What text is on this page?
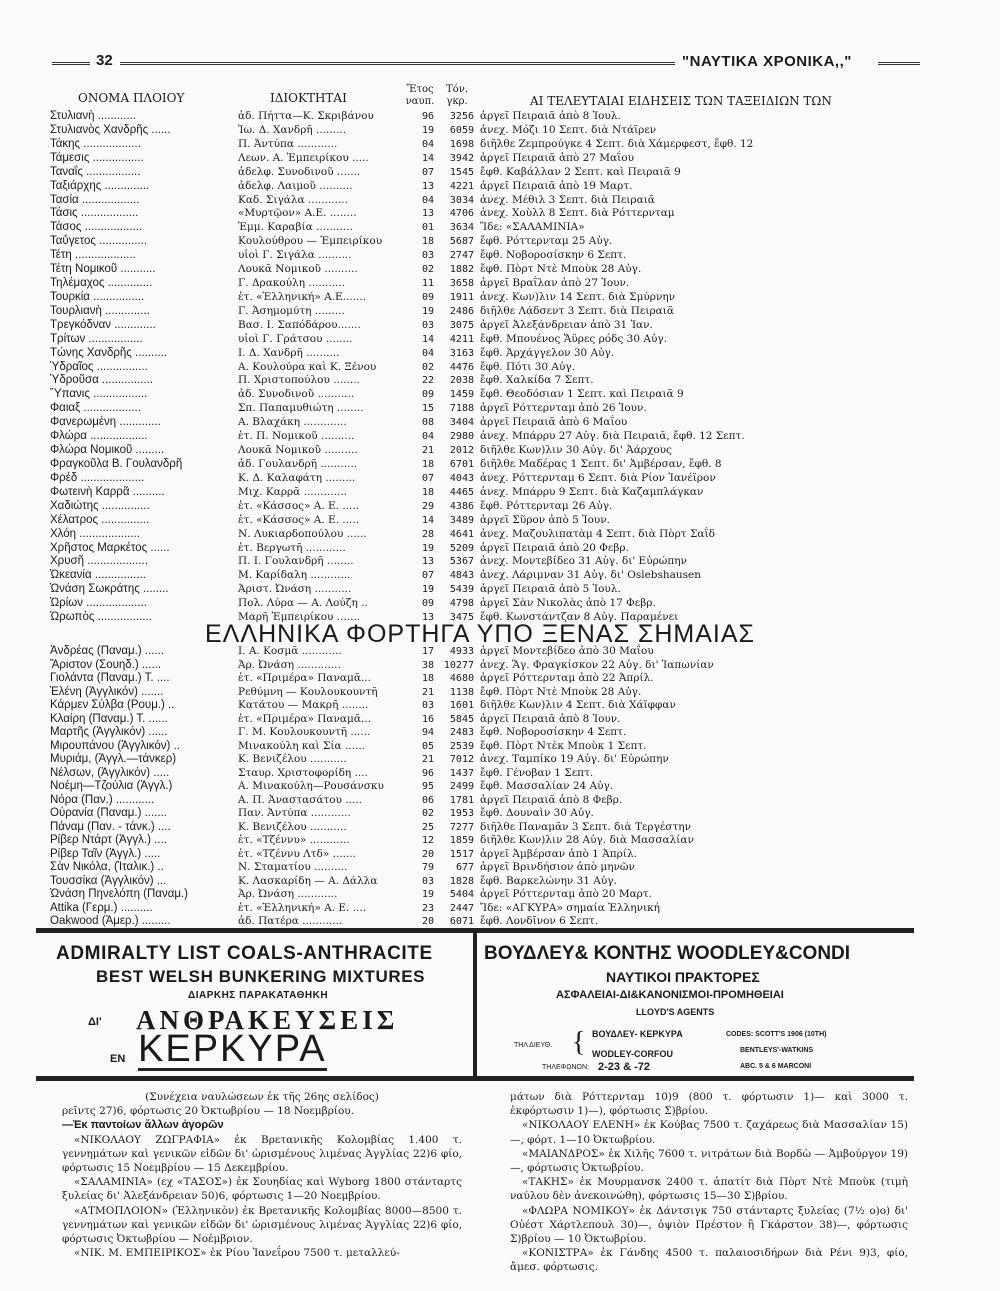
32	"ΝΑΥΤΙΚΑ ΧΡΟΝΙΚΑ,,"
ΟΝΟΜΑ ΠΛΟΙΟΥ	ΙΔΙΟΚΤΗΤΑΙ
Ἔτος
ναυπ.
Τόν.
γκρ.	ΑΙ ΤΕΛΕΥΤΑΙΑΙ ΕΙΔΗΣΕΙΣ ΤΩΝ ΤΑΞΕΙΔΙΩΝ ΤΩΝ
Στυλιανὴ ............	ἀδ. Πήττα—Κ. Σκριβάνου	96	3256 ἀργεῖ Πειραιᾶ ἀπὸ 8 Ἰουλ.
Στυλιανὸς Χανδρῆς ......	Ἰω. Δ. Χανδρῆ .........	19	6059 ἀνεχ. Μόζι 10 Σεπτ. διὰ Ντάϊρεν
Τάκης ..................	Π. Ἀντύπα ............	04	1698 διῆλθε Ζεμπρούγκε 4 Σεπτ. διὰ Χάμερφεστ, ἔφθ. 12
Τάμεσις ................	Λεων. Α. Ἐμπειρίκου .....	14	3942 ἀργεῖ Πειραιᾶ ἀπὸ 27 Μαΐου
Ταναΐς .................	ἀδελφ. Συνοδινοῦ .......	07	1545 ἔφθ. Καβάλλαν 2 Σεπτ. καὶ Πειραιᾶ 9
Ταξιάρχης ..............	ἀδελφ. Λαιμοῦ ..........	13	4221 ἀργεῖ Πειραιᾶ ἀπὸ 19 Μαρτ.
Τασία ..................	Καδ. Σιγάλα ............	04	3034 ἀνεχ. Μέθιλ 3 Σεπτ. διὰ Πειραιᾶ
Τάσις ..................	«Μυρτῷον» Α.Ε. ........	13	4706 ἀνεχ. Χοὺλλ 8 Σεπτ. διὰ Ρόττερνταμ
Τάσος ..................	Ἐμμ. Καραβία ...........	01	3634 Ἴδε: «ΣΑΛΑΜΙΝΙΑ»
Ταΰγετος ...............	Κουλούθρου — Ἐμπειρίκου	18	5687 ἔφθ. Ρόττερνταμ 25 Αὐγ.
Τέτη ...................	υἱοὶ Γ. Σιγάλα ..........	03	2747 ἔφθ. Νοβοροσίσκην 6 Σεπτ.
Τέτη Νομικοῦ ...........	Λουκᾶ Νομικοῦ ..........	02	1882 ἔφθ. Πὸρτ Ντὲ Μποὺκ 28 Αὐγ.
Τηλέμαχος ..............	Γ. Δρακούλη ...........	11	3658 ἀργεῖ Βραΐλαν ἀπὸ 27 Ἰουν.
Τουρκία ................	ἑτ. «Ἑλληνική» Α.Ε.......	09	1911 ἀνεχ. Κων)λιν 14 Σεπτ. διὰ Σμύρνην
Τουρλιανὴ ..............	Γ. Ἀσημομύτη .........	19	2486 διῆλθε Λάδσεντ 3 Σεπτ. διὰ Πειραιᾶ
Τρεγκόδναν .............	Βασ. Ι. Σαπόδάρου.......	03	3075 ἀργεῖ Ἀλεξάνδρειαν ἀπὸ 31 Ἰαν.
Τρίτων .................	υἱοὶ Γ. Γράτσου ........	14	4211 ἔφθ. Μπουένος Ἄϋρες ρόδς 30 Αὐγ.
Τώνης Χανδρῆς ..........	Ι. Δ. Χανδρῆ ..........	04	3163 ἔφθ. Ἀρχάγγελον 30 Αὐγ.
Ὑδραῖος ................	Α. Κουλούρα καὶ Κ. Ξένου	02	4476 ἔφθ. Πότι 30 Αὐγ.
Ὑδροῦσα ................	Π. Χριστοπούλου ........	22	2038 ἔφθ. Χαλκίδα 7 Σεπτ.
Ὕπανις .................	ἀδ. Συνοδινοῦ ...........	09	1459 ἔφθ. Θεοδόσιαν 1 Σεπτ. καὶ Πειραιᾶ 9
Φαιαξ ..................	Σπ. Παπαμυθιώτη ........	15	7188 ἀργεῖ Ρόττερνταμ ἀπὸ 26 Ἰουν.
Φανερωμένη .............	Α. Βλαχάκη .............	08	3404 ἀργεῖ Πειραιᾶ ἀπὸ 6 Μαΐου
Φλώρα ..................	ἑτ. Π. Νομικοῦ ..........	04	2980 ἀνεχ. Μπάρρυ 27 Αὐγ. διὰ Πειραιᾶ, ἔφθ. 12 Σεπτ.
Φλώρα Νομικοῦ .........	Λουκᾶ Νομικοῦ ..........	21	2012 διῆλθε Κων)λιν 30 Αὐγ. δι' Ἀάρχους
Φραγκοῦλα Β. Γουλανδρῆ	ἀδ. Γουλανδρῆ ...........	18	6701 διῆλθε Μαδέρας 1 Σεπτ. δι' Ἀμβέρσαν, ἔφθ. 8
Φρέδ ....................	Κ. Δ. Καλαφάτη .........	07	4043 ἀνεχ. Ρόττερνταμ 6 Σεπτ. διὰ Ρίον Ἰανέϊρον
Φωτεινὴ Καρρᾶ ..........	Μιχ. Καρρᾶ .............	18	4465 ἀνεχ. Μπάρρυ 9 Σεπτ. διὰ Καζαμπλάγκαν
Χαδιώτης ...............	ἑτ. «Κάσσος» Α. Ε. .....	29	4386 ἔφθ. Ρόττερνταμ 26 Αὐγ.
Χέλατρος ...............	ἑτ. «Κάσσος» Α. Ε. .....	14	3489 ἀργεῖ Σῦρον ἀπὸ 5 Ἰουν.
Χλόη ...................	Ν. Λυκιαρδοπούλου ......	28	4641 ἀνεχ. Μαζουλιπατὰμ 4 Σεπτ. διὰ Πὸρτ Σαΐδ
Χρῆστος Μαρκέτος ......	ἑτ. Βεργωτῆ ............	19	5209 ἀργεῖ Πειραιᾶ ἀπὸ 20 Φεβρ.
Χρυσῆ ...................	Π. Ι. Γουλανδρῆ ........	13	5367 ἀνεχ. Μοντεβίδεο 31 Αὐγ. δι' Εὐρώπην
Ὠκεανία ................	Μ. Καρίδαλη ............	07	4843 ἀνεχ. Λάριμναν 31 Αὐγ. δι' Oslebshausen
Ὠνάση Σωκράτης ........	Ἀριστ. Ὠνάση ...........	19	5439 ἀργεῖ Πειραιᾶ ἀπὸ 5 Ἰουλ.
Ὡρίων ...................	Πολ. Λύρα — Α. Λούζη ..	09	4798 ἀργεῖ Σὰν Νικολὰς ἀπὸ 17 Φεβρ.
Ὡρωπὸς .................	Μαρῆ Ἐμπειρίκου .......	13	3475 ἔφθ. Κωνστάντζαν 8 Αὐγ. Παραμένει
ΕΛΛΗΝΙΚΑ ΦΟΡΤΗΓΑ ΥΠΟ ΞΕΝΑΣ ΣΗΜΑΙΑΣ
Ἀνδρέας (Παναμ.) ......	Ι. Α. Κοσμᾶ ............	17	4933 ἀργεῖ Μοντεβίδεο ἀπὸ 30 Μαΐου
Ἄριστον (Σουηδ.) ......	Ἀρ. Ὠνάση .............	38 10277 ἀνεχ. Ἅγ. Φραγκίσκον 22 Αὐγ. δι' Ἰαπωνίαν
Γιολάντα (Παναμ.) Τ. ....	ἑτ. «Πριμέρα» Παναμᾶ...	18	4680 ἀργεῖ Ρόττερνταμ ἀπὸ 22 Ἀπρίλ.
Ἑλένη (Ἀγγλικόν) .......	Ρεθύμνη — Κουλουκουντῆ	21	1138 ἔφθ. Πὸρτ Ντὲ Μποὺκ 28 Αὐγ.
Κάρμεν Σύλβα (Ρουμ.) ..	Κατάτου — Μακρῆ ........	03	1601 διῆλθε Κων)λιν 4 Σεπτ. διὰ Χάϊφφαν
Κλαίρη (Παναμ.) Τ. ......	ἑτ. «Πριμέρα» Παναμᾶ...	16	5845 ἀργεῖ Πειραιᾶ ἀπὸ 8 Ἰουν.
Μαρτῆς (Ἀγγλικόν) ......	Γ. Μ. Κουλουκουντῆ ......	94	2483 ἔφθ. Νοβοροσίσκην 4 Σεπτ.
Μιρουπάνου (Ἀγγλικόν) ..	Μινακούλη καὶ Σία ......	05	2539 ἔφθ. Πὸρτ Ντὲκ Μποὺκ 1 Σεπτ.
Μυριάμ, (Ἀγγλ.—τάνκερ)	Κ. Βενιζέλου ...........	21	7012 ἀνεχ. Ταμπίκο 19 Αὐγ. δι' Εὐρώπην
Νέλσων, (Ἀγγλικόν) .....	Σταυρ. Χριστοφορίδη ....	96	1437 ἔφθ. Γένοβαν 1 Σεπτ.
Νοέμη—Τζούλια (Ἀγγλ.)	Α. Μινακούλη—Ρουσάνσκυ	95	2499 ἔφθ. Μασσαλίαν 24 Αὐγ.
Νόρα (Παν.) ............	Α. Π. Ἀναστασάτου .....	06	1781 ἀργεῖ Πειραιᾶ ἀπὸ 8 Φεβρ.
Οὐρανία (Παναμ.) .......	Παν. Ἀντύπα ............	02	1953 ἔφθ. Δουναὶν 30 Αὐγ.
Πάναμ (Παν. - τάνκ.) ....	Κ. Βενιζέλου ...........	25	7277 διῆλθε Παναμᾶν 3 Σεπτ. διὰ Τεργέστην
Ρίβερ Ντάρτ (Ἀγγλ.) ....	ἑτ. «Τζέννυ» ............	12	1859 διῆλθε Κων)λιν 28 Αὐγ. διὰ Μασσαλίαν
Ρίβερ Ταῖν (Ἀγγλ.) .....	ἑτ. «Τζέννυ Λτδ» .......	20	1517 ἀργεῖ Ἀμβέρσαν ἀπὸ 1 Ἀπρίλ.
Σὰν Νικόλα, (Ἰταλικ.) ..	Ν. Σταματίου ..........	79	677 ἀργεῖ Βρινδήσιον ἀπὸ μηνῶν
Τουσσίκα (Ἀγγλικόν) ...	Κ. Λασκαρίδη — Α. Δάλλα	03	1828 ἔφθ. Βαρκελώνην 31 Αὐγ.
Ὠνάση Πηνελόπη (Παναμ.)	Ἀρ. Ὠνάση ............	19	5404 ἀργεῖ Ρόττερνταμ ἀπὸ 20 Μαρτ.
Attika (Γερμ.) ..........	ἑτ. «Ἑλληνική» Α. Ε. ....	23	2447 Ἴδε: «ΑΓΚΥΡΑ» σημαία Ἑλληνική
Oakwood (Ἀμερ.) .........	ἀδ. Πατέρα ............	20	6071 ἔφθ. Λονδῖνον 6 Σεπτ.
ADMIRALTY LIST COALS-ANTHRACITE
BEST WELSH BUNKERING MIXTURES
ΔΙΑΡΚΗΣ ΠΑΡΑΚΑΤΑΘΗΚΗ
ΔΙ' ΑΝΘΡΑΚΕΥΣΕΙΣ
ΕΝ ΚΕΡΚΥΡΑ
ΒΟΥΔΛΕΥ& ΚΟΝΤΗΣ WOODLEY&CONDI
ΝΑΥΤΙΚΟΙ ΠΡΑΚΤΟΡΕΣ
ΑΣΦΑΛΕΙΑΙ-ΔΙ&ΚΑΝΟΝΙΣΜΟΙ-ΠΡΟΜΗΘΕΙΑΙ
LLOYD'S AGENTS
ΤΗΛ ΔΙΕΥΘ. { ΒΟΥΔΛΕΥ- ΚΕΡΚΥΡΑ
WODLEY-CORFOU
CODES: SCOTT'S 1906 (10TH)
BENTLEYS'-WATKINS
ABC. 5 & 6 MARCONI
ΤΗΛΕΦΩΝΟΝ: 2-23 & -72

(Συνέχεια ναυλώσεων ἐκ τῆς 26ης σελίδος)

ρεῖντς 27)6, φόρτωσις 20 Ὀκτωβρίου — 18 Νοεμβρίου.

—Ἐκ παντοίων ἄλλων ἀγορῶν

«ΝΙΚΟΛΑΟΥ ΖΩΓΡΑΦΙΑ» ἐκ Βρετανικῆς Κολομβίας 1.400 τ. γεννημάτων καὶ γενικῶν εἰδῶν δι' ὡρισμένους λιμένας Ἀγγλίας 22)6 φίο, φόρτωσις 15 Νοεμβρίου — 15 Δεκεμβρίου.

«ΣΑΛΑΜΙΝΙΑ» (εχ «ΤΑΣΟΣ») ἐκ Σουηδίας καὶ Wyborg 1800 στάνταρτς ξυλείας δι' Ἀλεξάνδρειαν 50)6, φόρτωσις 1—20 Νοεμβρίου.

«ΑΤΜΟΠΛΟΙΟΝ» (Ἑλληνικὸν) ἐκ Βρετανικῆς Κολομβίας 8000—8500 τ. γεννημάτων καὶ γενικῶν εἰδῶν δι' ὡρισμένους λιμένας Ἀγγλίας 22)6 φίο, φόρτωσις Ὀκτωβρίου — Νοέμβριον.

«ΝΙΚ. Μ. ΕΜΠΕΙΡΙΚΟΣ» ἐκ Ρίου Ἰανεΐρου 7500 τ. μεταλλεύ-

μάτων διὰ Ρόττερνταμ 10)9 (800 τ. φόρτωσιν 1)— καὶ 3000 τ. ἐκφόρτωσιν 1)—), φόρτωσις Σ)βρίου.

«ΝΙΚΟΛΑΟΥ ΕΛΕΝΗ» ἐκ Κούβας 7500 τ. ζαχάρεως διὰ Μασσαλίαν 15)—, φόρτ. 1—10 Ὀκτωβρίου.

«ΜΑΙΑΝΔΡΟΣ» ἐκ Χιλῆς 7600 τ. νιτράτων διὰ Βορδὼ — Ἀμβούργον 19)—, φόρτωσις Ὀκτωβρίου.

«ΤΑΚΗΣ» ἐκ Μουρμανσκ 2400 τ. ἀπατίτ διὰ Πὸρτ Ντὲ Μποὺκ (τιμὴ ναύλου δὲν ἀνεκοινώθη), φόρτωσις 15—30 Σ)βρίου.

«ΦΛΩΡΑ ΝΟΜΙΚΟΥ» ἐκ Δάντσιγκ 750 στάνταρτς ξυλείας (7½ ο)ο) δι' Οὐέστ Χάρτλεπουλ 30)—, ὀψιὸν Πρέστον ἢ Γκάρστον 38)—, φόρτωσις Σ)βρίου — 10 Ὀκτωβρίου.

«ΚΟΝΙΣΤΡΑ» ἐκ Γάνδης 4500 τ. παλαιοσιδήρων διὰ Ρένι 9)3, φίο, ἄμεσ. φόρτωσις.
